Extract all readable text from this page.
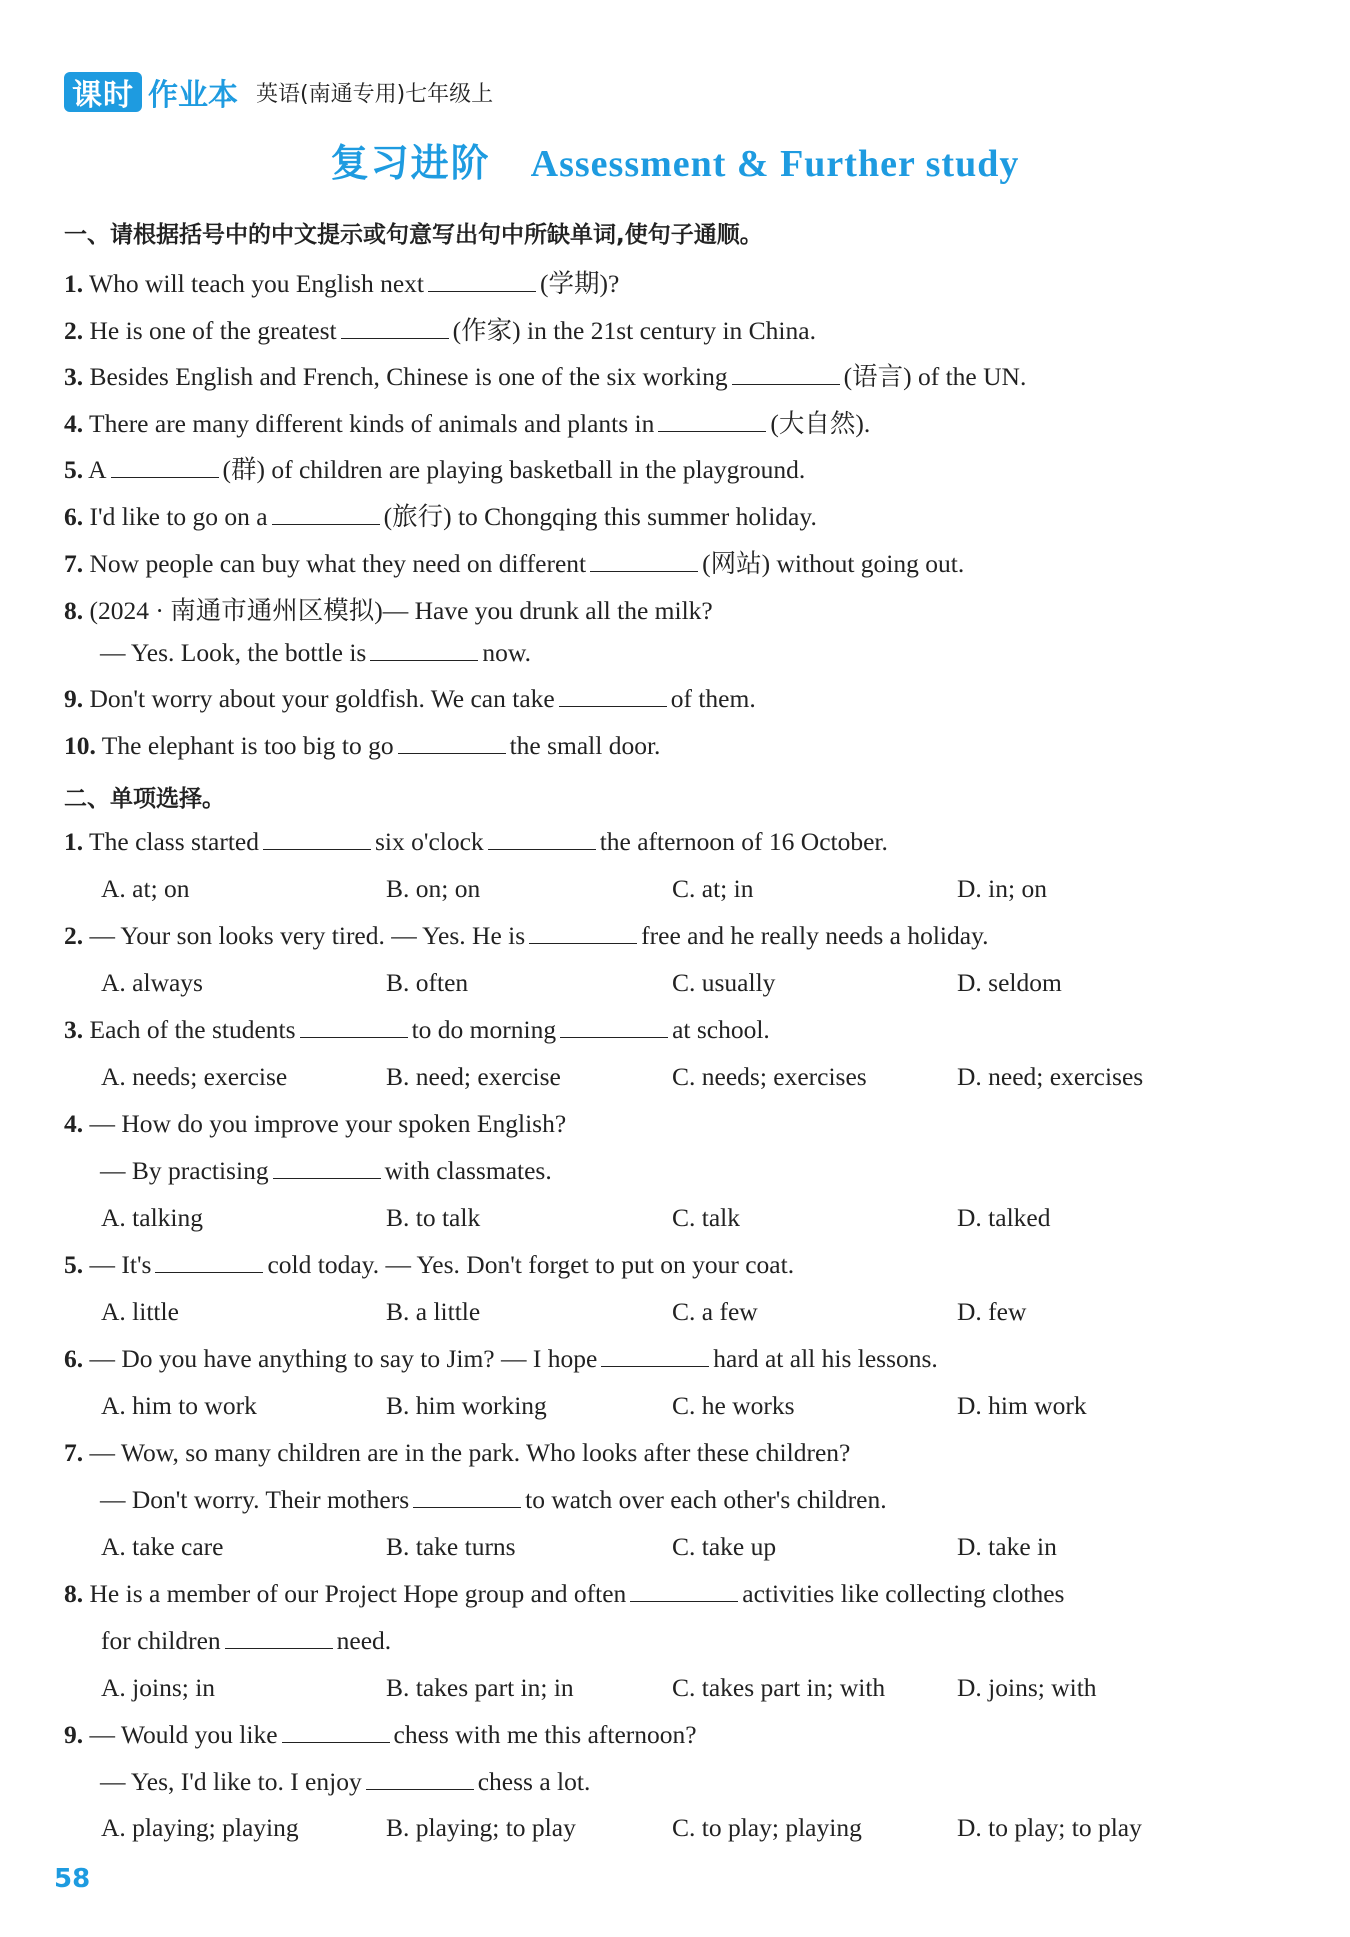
课时 作业本 英语(南通专用)七年级上
复习进阶 Assessment & Further study
一、请根据括号中的中文提示或句意写出句中所缺单词,使句子通顺。
1. Who will teach you English next	(学期)?
2. He is one of the greatest	(作家) in the 21st century in China.
3. Besides English and French, Chinese is one of the six working	(语言) of the UN.
4. There are many different kinds of animals and plants in	(大自然).
5. A	(群) of children are playing basketball in the playground.
6. I'd like to go on a	(旅行) to Chongqing this summer holiday.
7. Now people can buy what they need on different	(网站) without going out.
8. (2024 · 南通市通州区模拟)— Have you drunk all the milk?
— Yes. Look, the bottle is	now.
9. Don't worry about your goldfish. We can take	of them.
10. The elephant is too big to go	the small door.
二、单项选择。
1. The class started	six o'clock	the afternoon of 16 October.
A. at; on	B. on; on	C. at; in	D. in; on
2. — Your son looks very tired. — Yes. He is	free and he really needs a holiday.
A. always	B. often	C. usually	D. seldom
3. Each of the students	to do morning	at school.
A. needs; exercise	B. need; exercise	C. needs; exercises	D. need; exercises
4. — How do you improve your spoken English?
— By practising	with classmates.
A. talking	B. to talk	C. talk	D. talked
5. — It's	cold today. — Yes. Don't forget to put on your coat.
A. little	B. a little	C. a few	D. few
6. — Do you have anything to say to Jim? — I hope	hard at all his lessons.
A. him to work	B. him working	C. he works	D. him work
7. — Wow, so many children are in the park. Who looks after these children?
— Don't worry. Their mothers	to watch over each other's children.
A. take care	B. take turns	C. take up	D. take in
8. He is a member of our Project Hope group and often	activities like collecting clothes
for children	need.
A. joins; in	B. takes part in; in	C. takes part in; with	D. joins; with
9. — Would you like	chess with me this afternoon?
— Yes, I'd like to. I enjoy	chess a lot.
A. playing; playing	B. playing; to play	C. to play; playing	D. to play; to play
58
